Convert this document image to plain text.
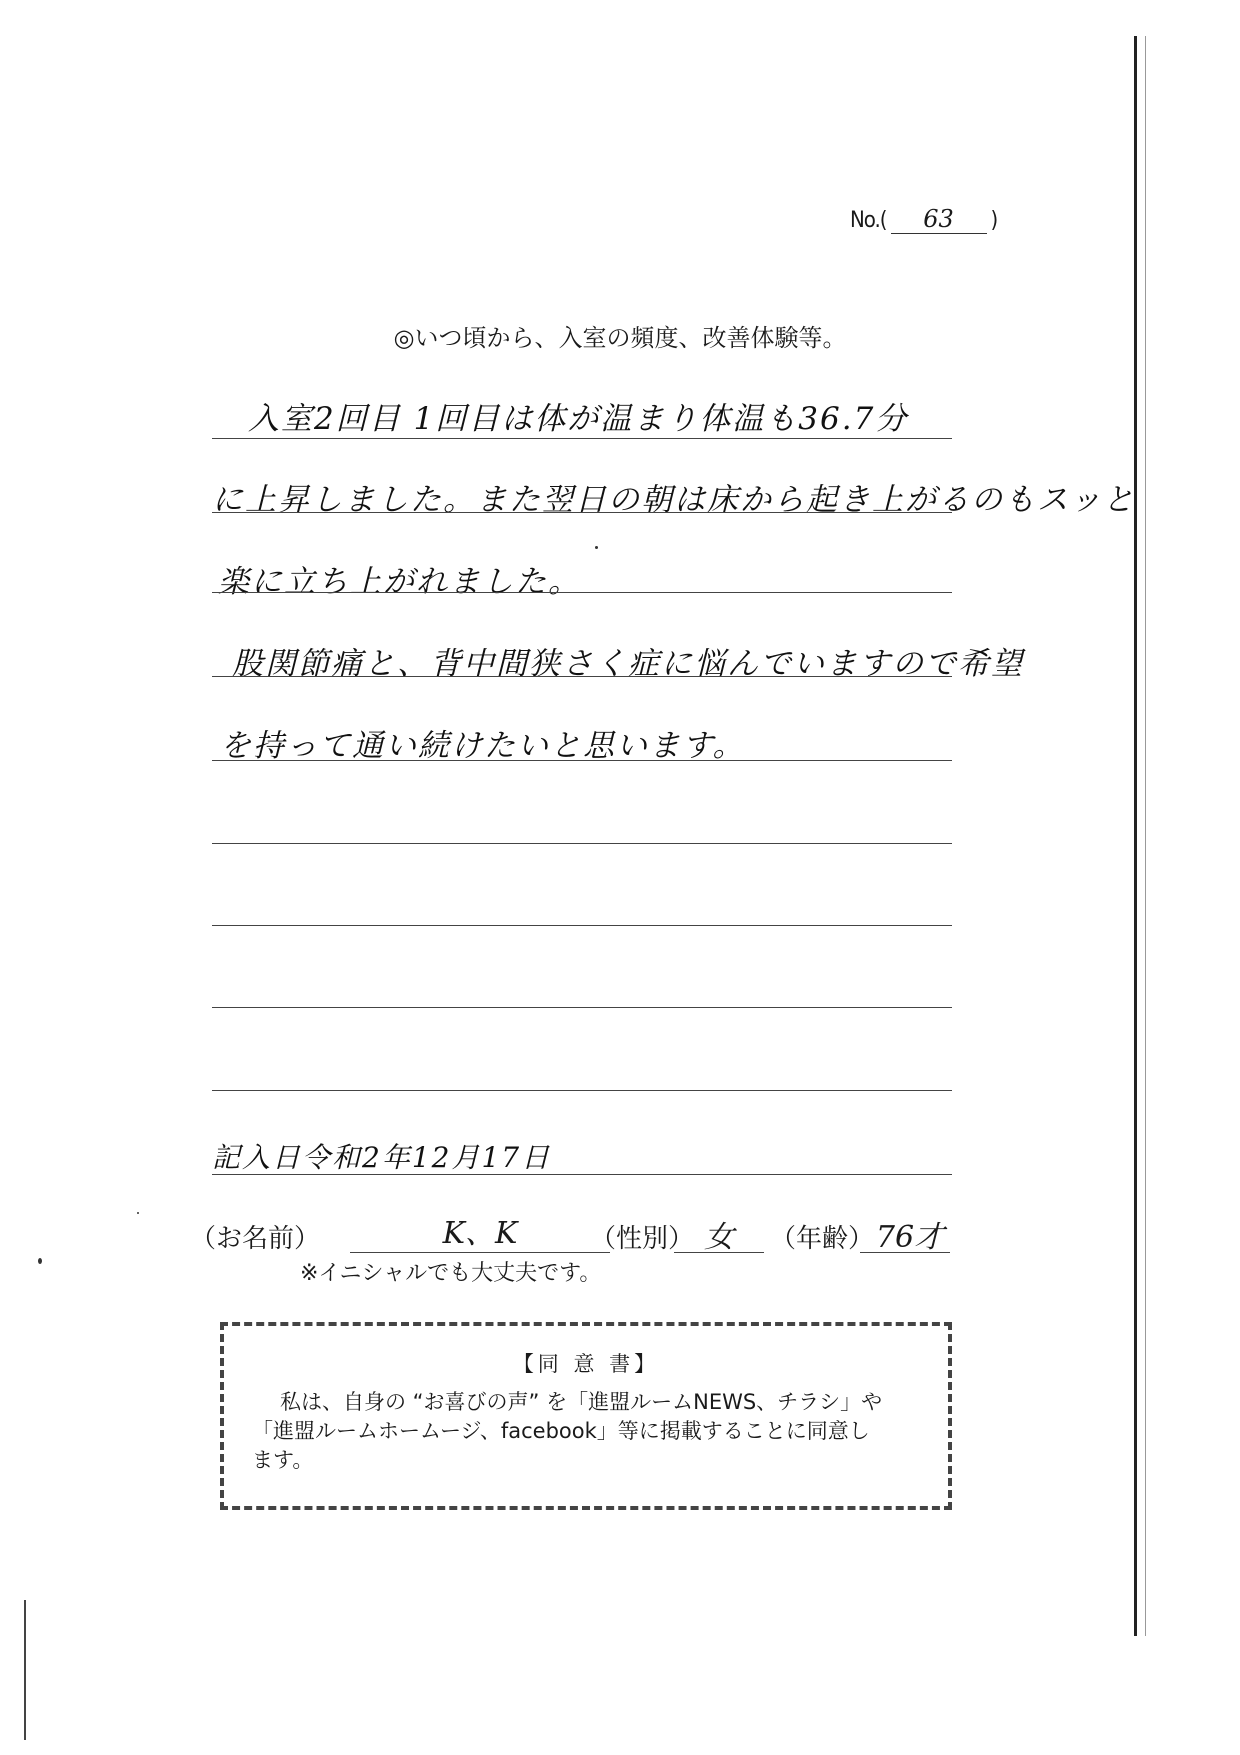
No.(	63	)
◎いつ頃から、入室の頻度、改善体験等。
入室2回目 1回目は体が温まり体温も36.7分
に上昇しました。また翌日の朝は床から起き上がるのもスッと
楽に立ち上がれました。
股関節痛と、背中間狭さく症に悩んでいますので希望
を持って通い続けたいと思います。
記入日令和2年12月17日
（お名前）	K、K	（性別） 女	（年齢） 76才
※イニシャルでも大丈夫です。
【同 意 書】
私は、自身の “お喜びの声” を「進盟ルームNEWS、チラシ」や
「進盟ルームホームージ、facebook」等に掲載することに同意し
ます。
